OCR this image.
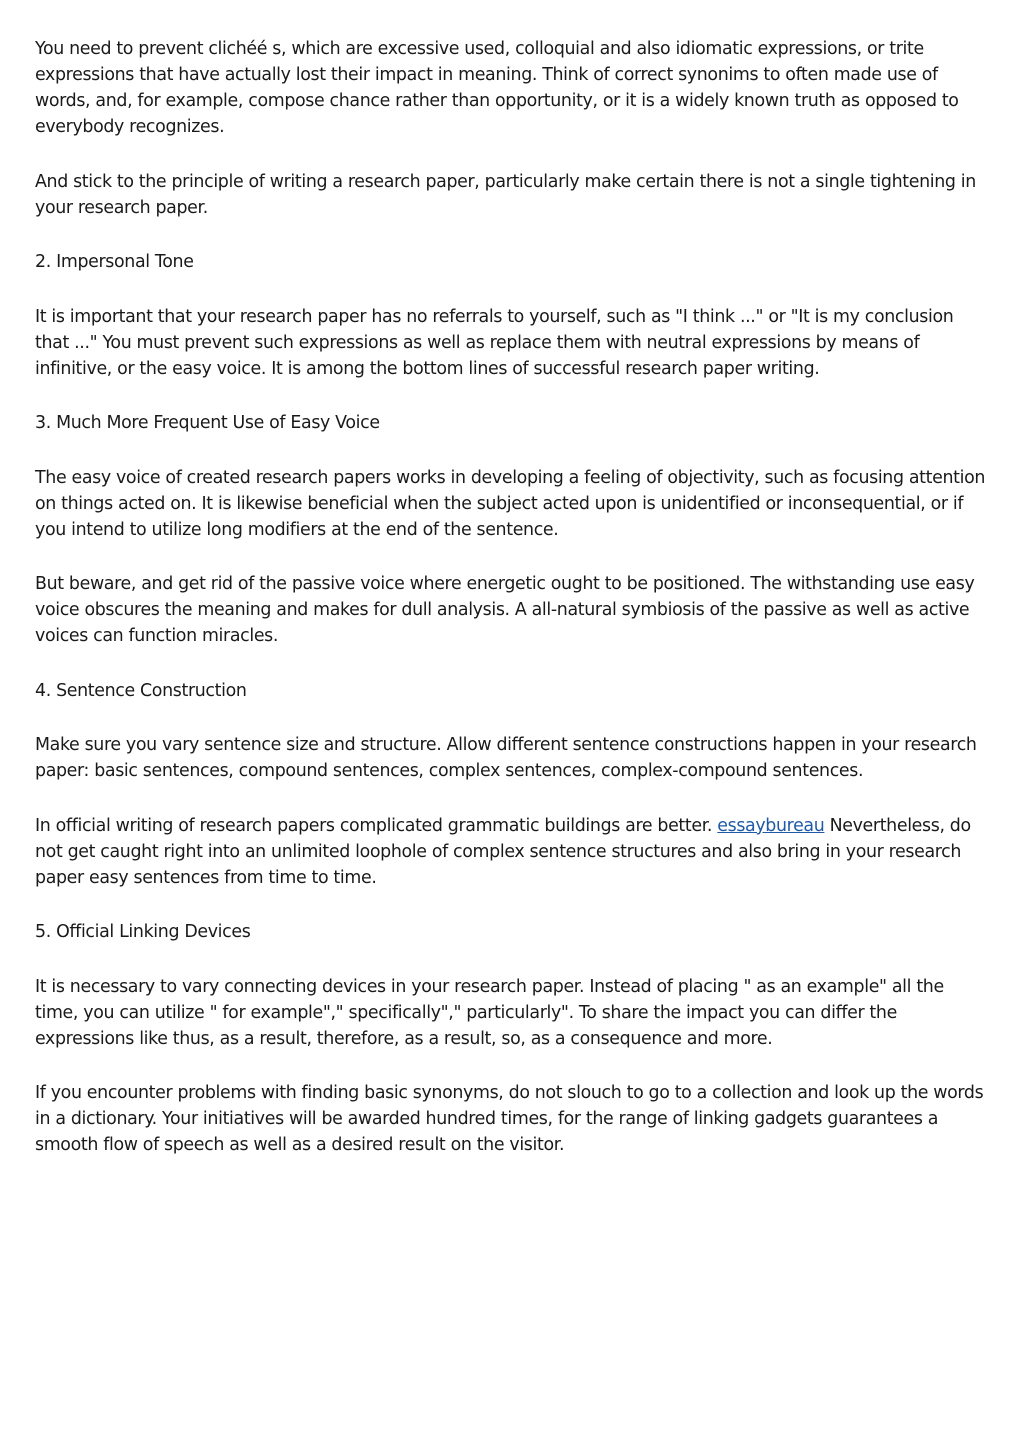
You need to prevent clichéé s, which are excessive used, colloquial and also idiomatic expressions, or trite expressions that have actually lost their impact in meaning. Think of correct synonims to often made use of words, and, for example, compose chance rather than opportunity, or it is a widely known truth as opposed to everybody recognizes.

And stick to the principle of writing a research paper, particularly make certain there is not a single tightening in your research paper.

2. Impersonal Tone

It is important that your research paper has no referrals to yourself, such as "I think ..." or "It is my conclusion that ..." You must prevent such expressions as well as replace them with neutral expressions by means of infinitive, or the easy voice. It is among the bottom lines of successful research paper writing.

3. Much More Frequent Use of Easy Voice

The easy voice of created research papers works in developing a feeling of objectivity, such as focusing attention on things acted on. It is likewise beneficial when the subject acted upon is unidentified or inconsequential, or if you intend to utilize long modifiers at the end of the sentence.

But beware, and get rid of the passive voice where energetic ought to be positioned. The withstanding use easy voice obscures the meaning and makes for dull analysis. A all-natural symbiosis of the passive as well as active voices can function miracles.

4. Sentence Construction

Make sure you vary sentence size and structure. Allow different sentence constructions happen in your research paper: basic sentences, compound sentences, complex sentences, complex-compound sentences.

In official writing of research papers complicated grammatic buildings are better. essaybureau Nevertheless, do not get caught right into an unlimited loophole of complex sentence structures and also bring in your research paper easy sentences from time to time.

5. Official Linking Devices

It is necessary to vary connecting devices in your research paper. Instead of placing " as an example" all the time, you can utilize " for example"," specifically"," particularly". To share the impact you can differ the expressions like thus, as a result, therefore, as a result, so, as a consequence and more.

If you encounter problems with finding basic synonyms, do not slouch to go to a collection and look up the words in a dictionary. Your initiatives will be awarded hundred times, for the range of linking gadgets guarantees a smooth flow of speech as well as a desired result on the visitor.
